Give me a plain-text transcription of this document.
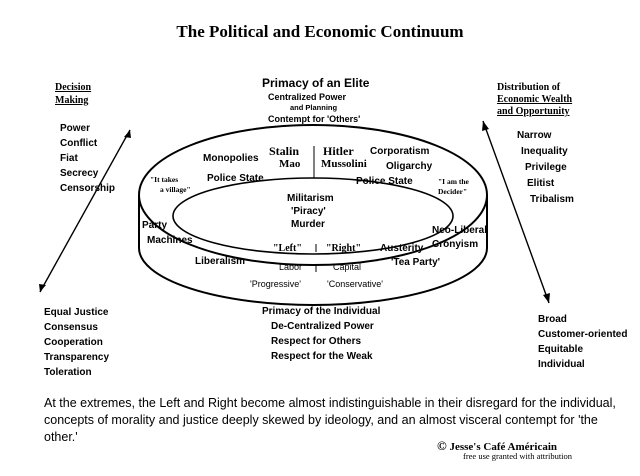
The Political and Economic Continuum
Primacy of an Elite
Centralized Power
and Planning
Contempt for 'Others'
Decision
Making
Power
Conflict
Fiat
Secrecy
Censorship
Distribution of
Economic Wealth
and Opportunity
Narrow
Inequality
Privilege
Elitist
Tribalism
Equal Justice
Consensus
Cooperation
Transparency
Toleration
Broad
Customer-oriented
Equitable
Individual
Primacy of the Individual
De-Centralized Power
Respect for Others
Respect for the Weak
Stalin
Mao
Hitler
Mussolini
Corporatism
Oligarchy
Monopolies
Police State	Police State
"It takes
a village"
"I am the
Decider"
Militarism
'Piracy'
Murder
Party
Machines
Neo-Liberal
Cronyism
Liberalism
"Left"
Labor
"Right"
Capital
Austerity
'Tea Party'
'Progressive'	'Conservative'
At the extremes, the Left and Right become almost indistinguishable in their disregard for the individual, concepts of morality and justice deeply skewed by ideology, and an almost visceral contempt for 'the other.'
© Jesse's Café Américain
free use granted with attribution
